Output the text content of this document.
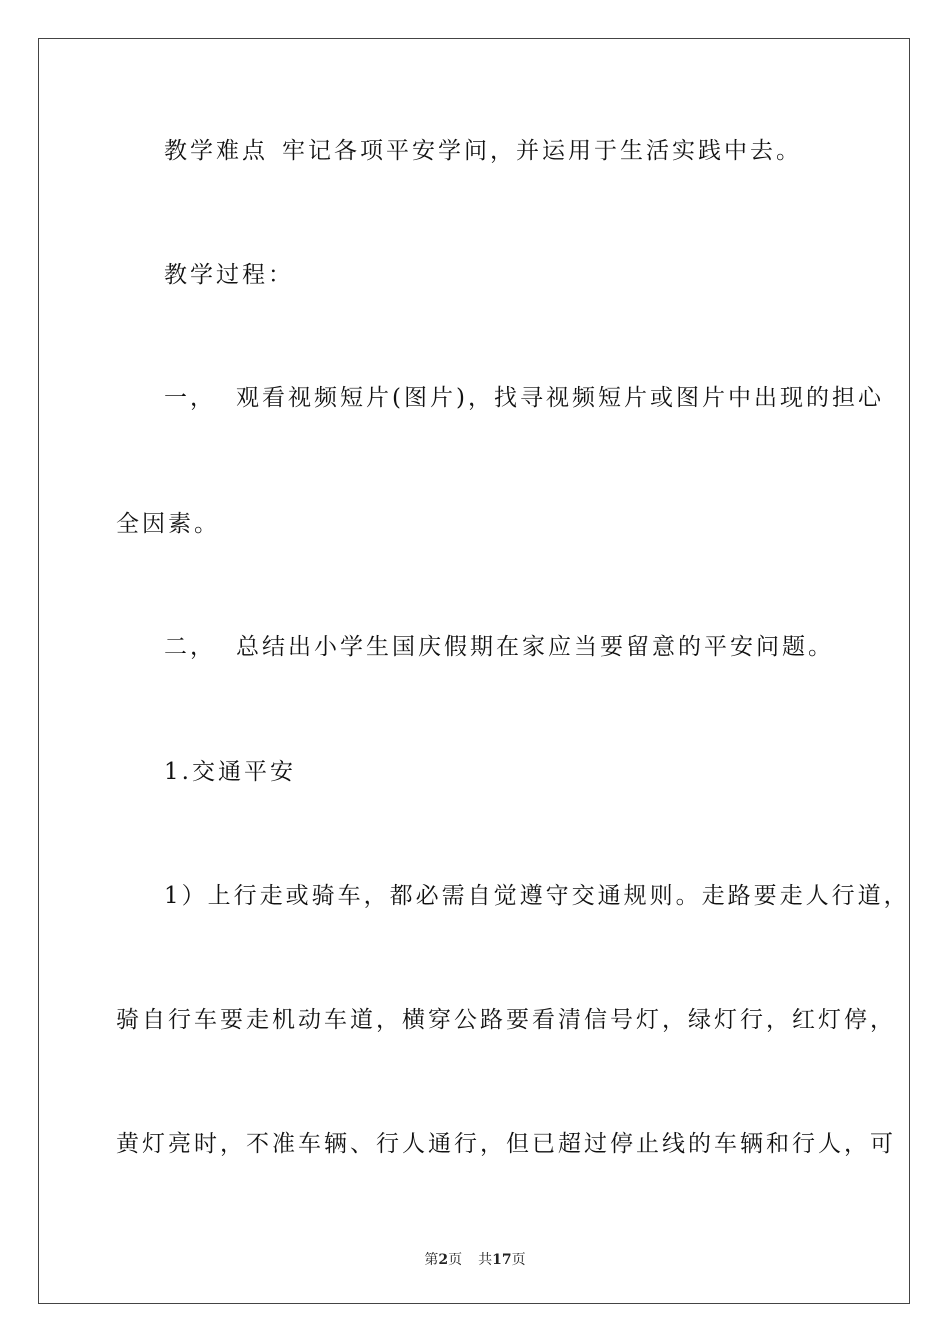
教学难点 牢记各项平安学问，并运用于生活实践中去。
教学过程：
一， 观看视频短片(图片)，找寻视频短片或图片中出现的担心
全因素。
二， 总结出小学生国庆假期在家应当要留意的平安问题。
1.交通平安
1）上行走或骑车，都必需自觉遵守交通规则。走路要走人行道，
骑自行车要走机动车道，横穿公路要看清信号灯，绿灯行，红灯停，
黄灯亮时，不准车辆、行人通行，但已超过停止线的车辆和行人，可
第2页 共17页
